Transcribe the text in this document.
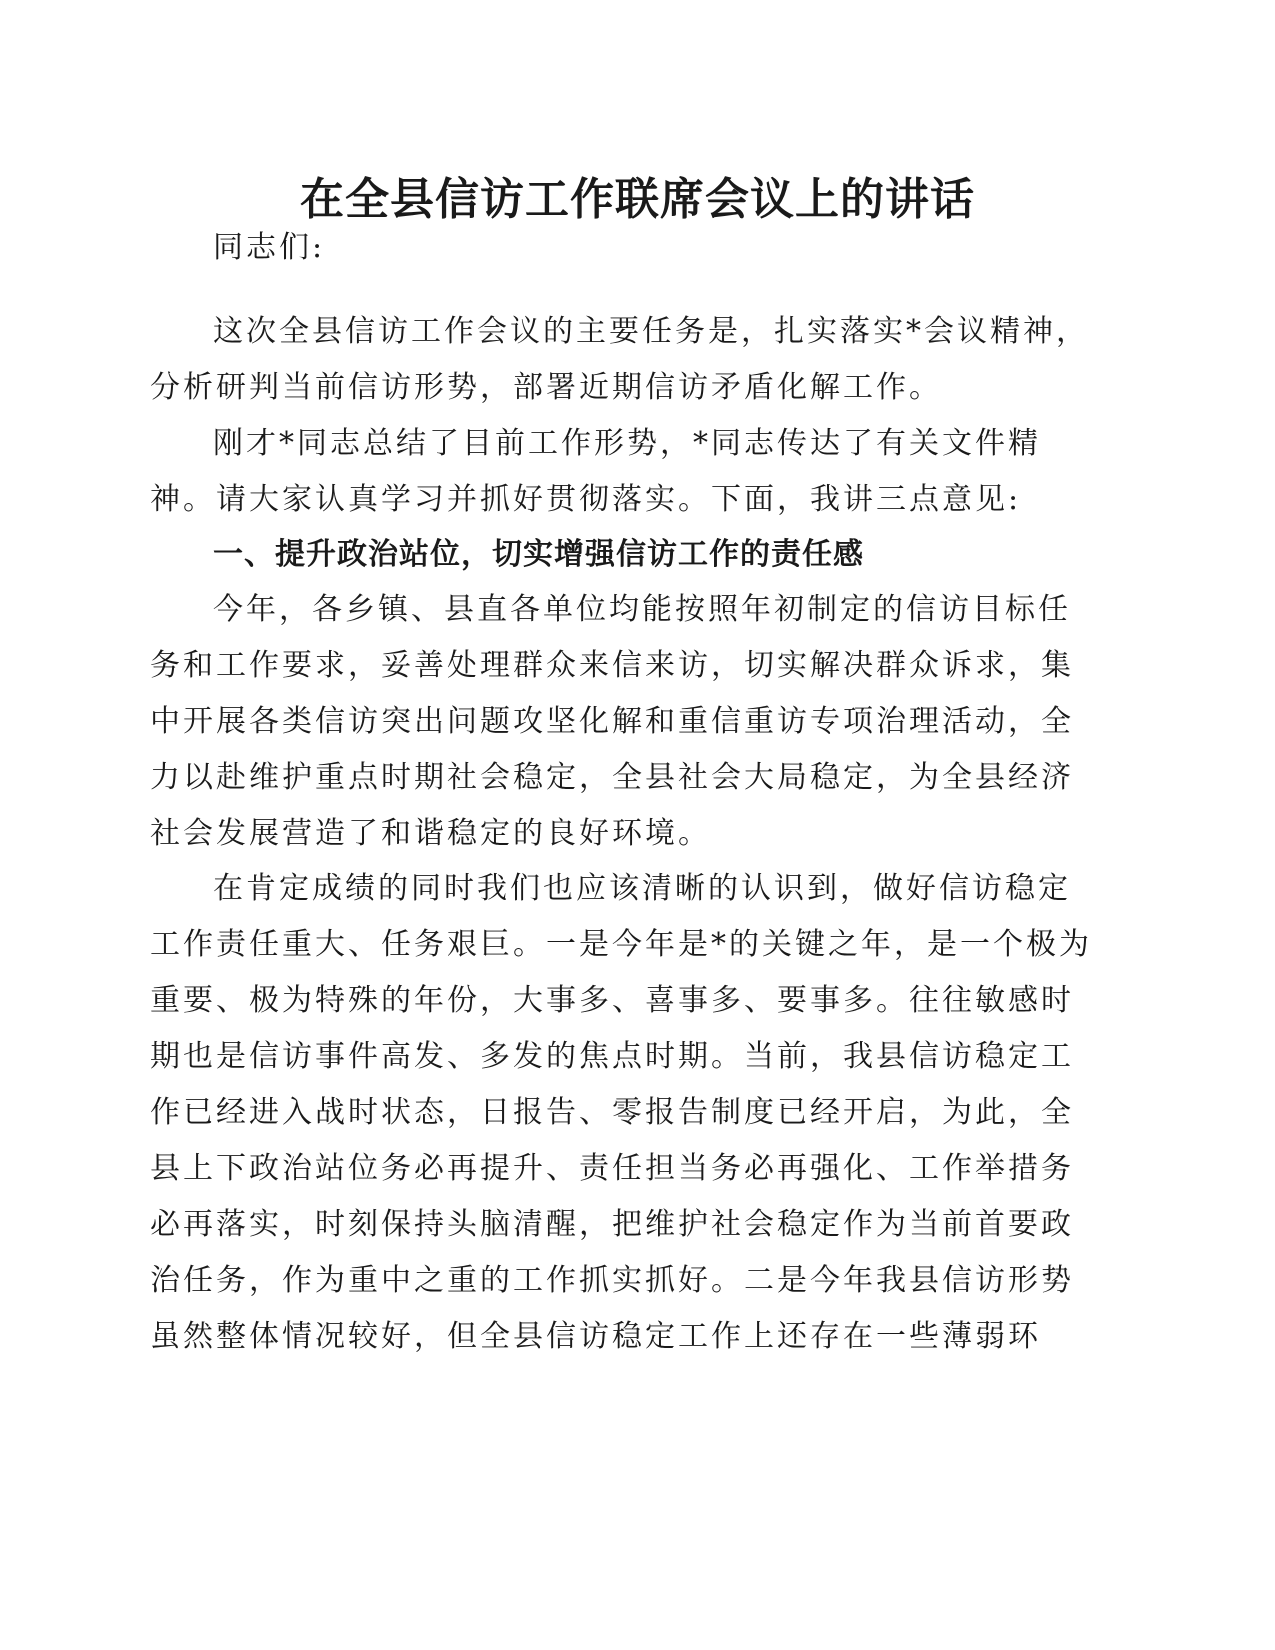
在全县信访工作联席会议上的讲话
同志们:
这次全县信访工作会议的主要任务是，扎实落实*会议精神，
分析研判当前信访形势，部署近期信访矛盾化解工作。
刚才*同志总结了目前工作形势，*同志传达了有关文件精
神。请大家认真学习并抓好贯彻落实。下面，我讲三点意见:
一、提升政治站位，切实增强信访工作的责任感
今年，各乡镇、县直各单位均能按照年初制定的信访目标任
务和工作要求，妥善处理群众来信来访，切实解决群众诉求，集
中开展各类信访突出问题攻坚化解和重信重访专项治理活动，全
力以赴维护重点时期社会稳定，全县社会大局稳定，为全县经济
社会发展营造了和谐稳定的良好环境。
在肯定成绩的同时我们也应该清晰的认识到，做好信访稳定
工作责任重大、任务艰巨。一是今年是*的关键之年，是一个极为
重要、极为特殊的年份，大事多、喜事多、要事多。往往敏感时
期也是信访事件高发、多发的焦点时期。当前，我县信访稳定工
作已经进入战时状态，日报告、零报告制度已经开启，为此，全
县上下政治站位务必再提升、责任担当务必再强化、工作举措务
必再落实，时刻保持头脑清醒，把维护社会稳定作为当前首要政
治任务，作为重中之重的工作抓实抓好。二是今年我县信访形势
虽然整体情况较好，但全县信访稳定工作上还存在一些薄弱环
